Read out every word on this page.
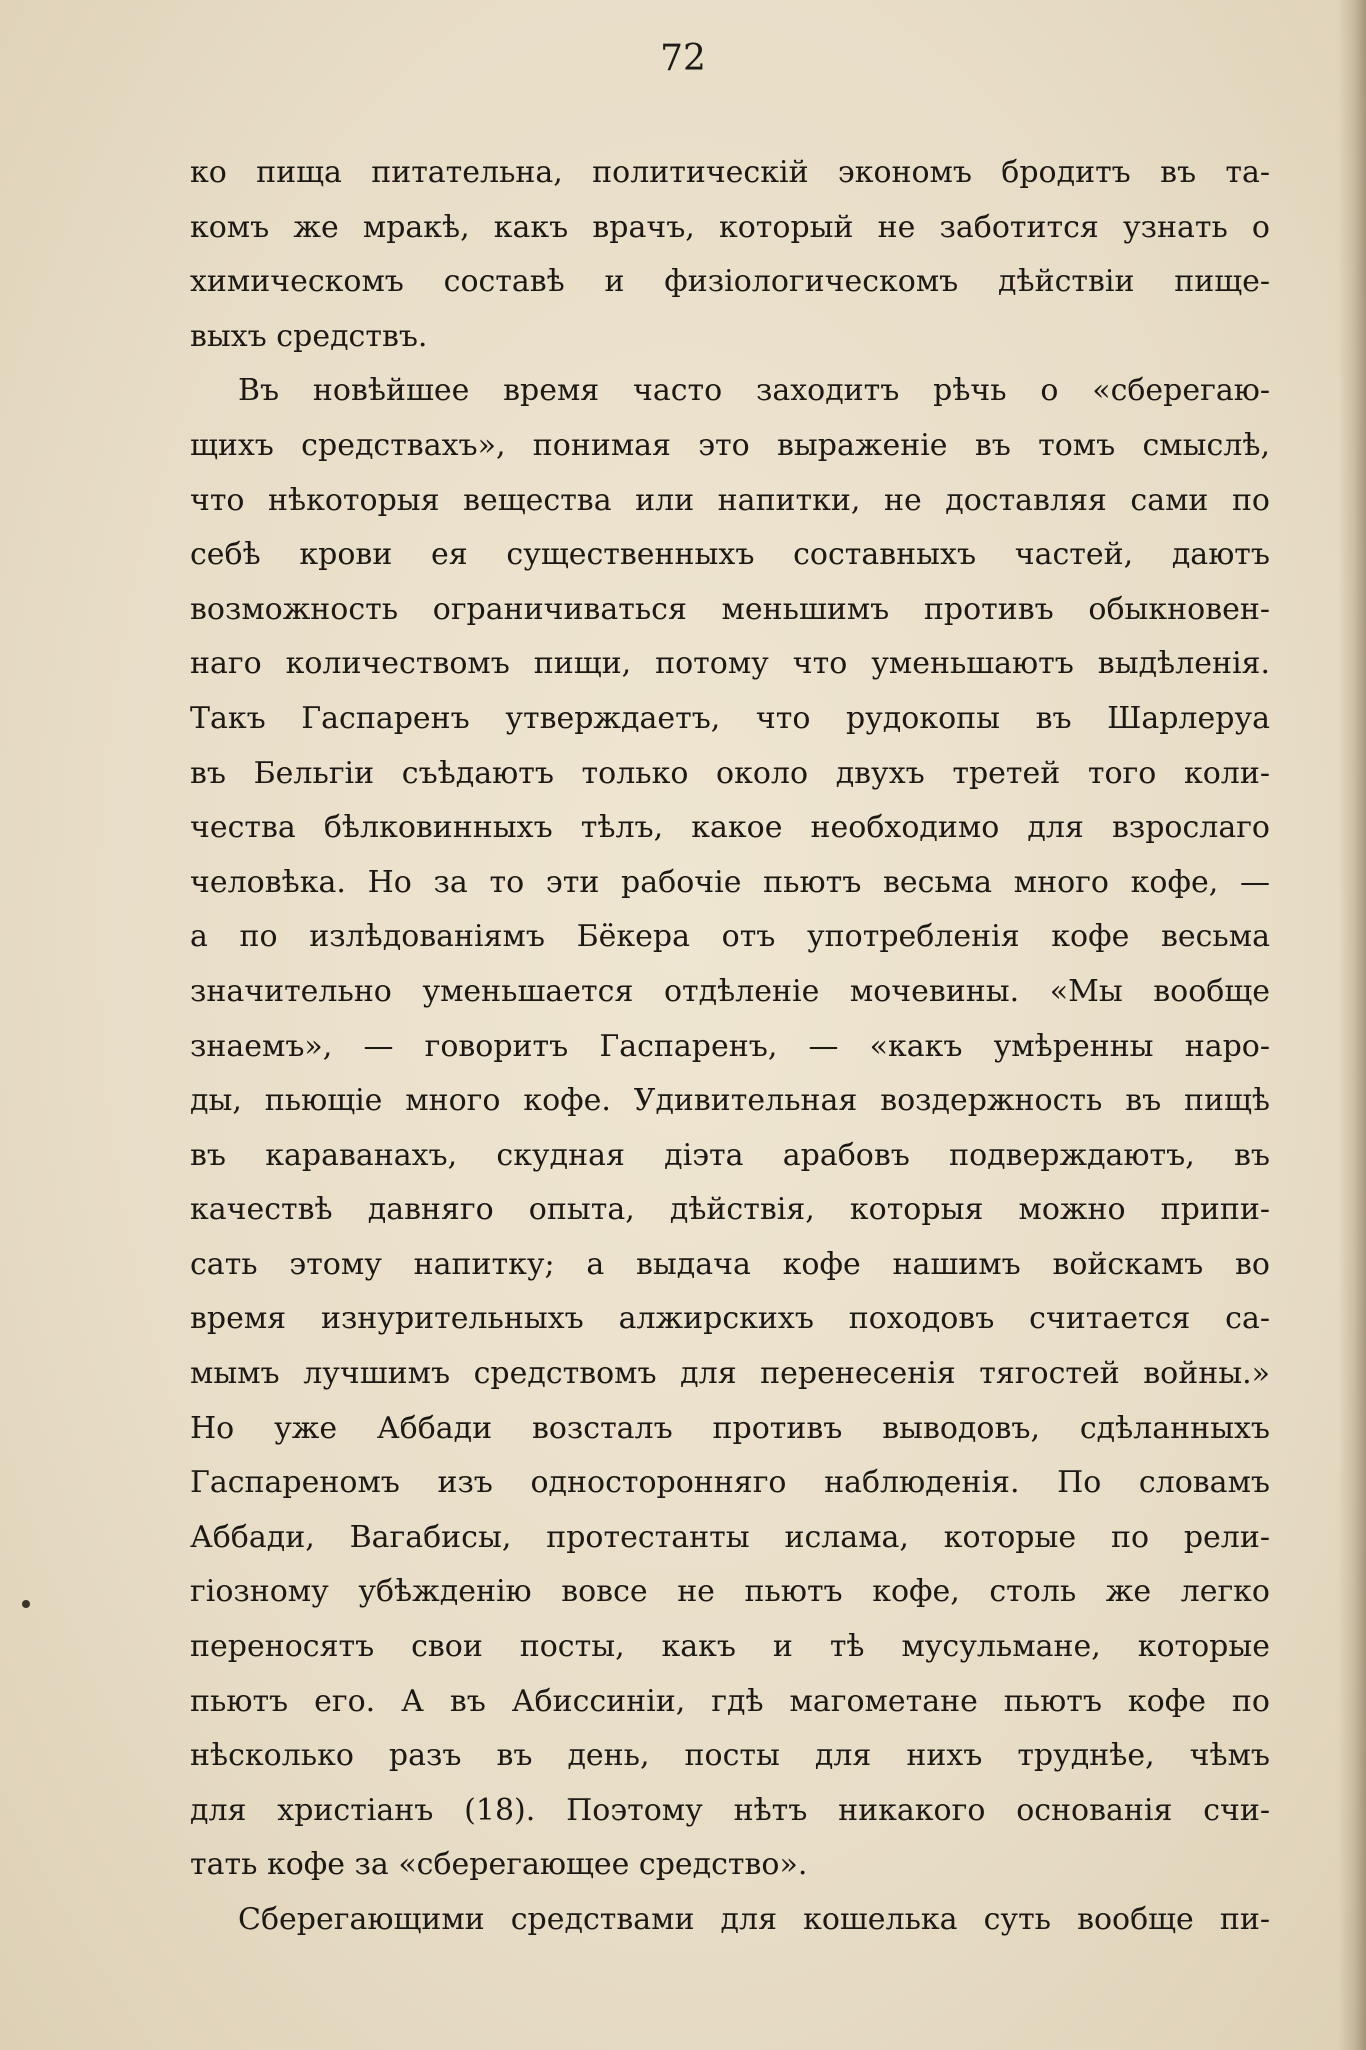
72
ко пища питательна, политическій экономъ бродитъ въ та-
комъ же мракѣ, какъ врачъ, который не заботится узнать о
химическомъ составѣ и физіологическомъ дѣйствіи пище-
выхъ средствъ.
Въ новѣйшее время часто заходитъ рѣчь о «сберегаю-
щихъ средствахъ», понимая это выраженіе въ томъ смыслѣ,
что нѣкоторыя вещества или напитки, не доставляя сами по
себѣ крови ея существенныхъ составныхъ частей, даютъ
возможность ограничиваться меньшимъ противъ обыкновен-
наго количествомъ пищи, потому что уменьшаютъ выдѣленія.
Такъ Гаспаренъ утверждаетъ, что рудокопы въ Шарлеруа
въ Бельгіи съѣдаютъ только около двухъ третей того коли-
чества бѣлковинныхъ тѣлъ, какое необходимо для взрослаго
человѣка. Но за то эти рабочіе пьютъ весьма много кофе, —
а по излѣдованіямъ Бёкера отъ употребленія кофе весьма
значительно уменьшается отдѣленіе мочевины. «Мы вообще
знаемъ», — говоритъ Гаспаренъ, — «какъ умѣренны наро-
ды, пьющіе много кофе. Удивительная воздержность въ пищѣ
въ караванахъ, скудная діэта арабовъ подверждаютъ, въ
качествѣ давняго опыта, дѣйствія, которыя можно припи-
сать этому напитку; а выдача кофе нашимъ войскамъ во
время изнурительныхъ алжирскихъ походовъ считается са-
мымъ лучшимъ средствомъ для перенесенія тягостей войны.»
Но уже Аббади возсталъ противъ выводовъ, сдѣланныхъ
Гаспареномъ изъ односторонняго наблюденія. По словамъ
Аббади, Вагабисы, протестанты ислама, которые по рели-
гіозному убѣжденію вовсе не пьютъ кофе, столь же легко
переносятъ свои посты, какъ и тѣ мусульмане, которые
пьютъ его. А въ Абиссиніи, гдѣ магометане пьютъ кофе по
нѣсколько разъ въ день, посты для нихъ труднѣе, чѣмъ
для христіанъ (18). Поэтому нѣтъ никакого основанія счи-
тать кофе за «сберегающее средство».
Сберегающими средствами для кошелька суть вообще пи-
